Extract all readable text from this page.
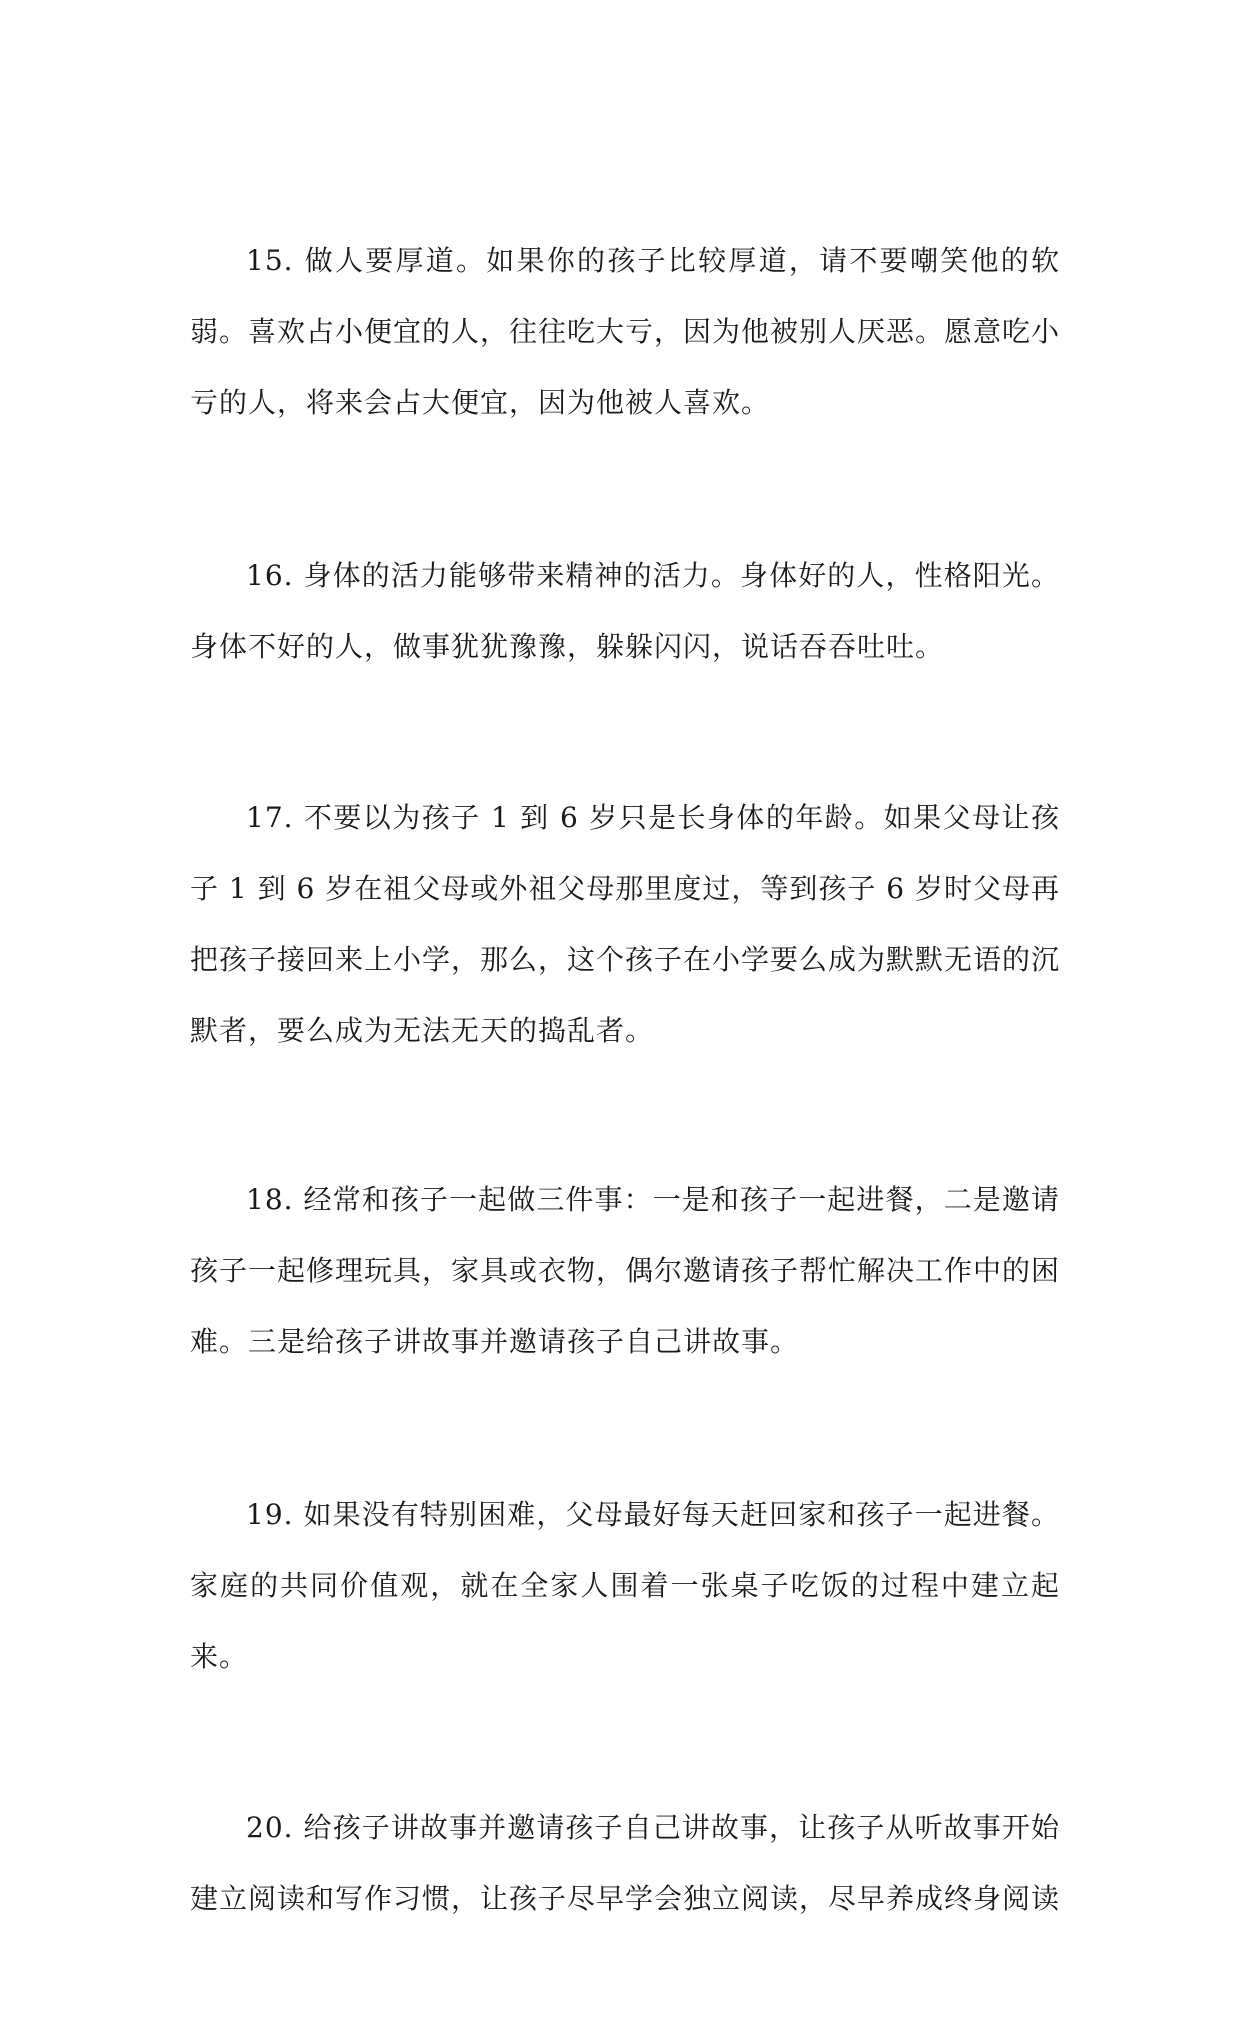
15. 做人要厚道。如果你的孩子比较厚道，请不要嘲笑他的软弱。喜欢占小便宜的人，往往吃大亏，因为他被别人厌恶。愿意吃小亏的人，将来会占大便宜，因为他被人喜欢。

16. 身体的活力能够带来精神的活力。身体好的人，性格阳光。身体不好的人，做事犹犹豫豫，躲躲闪闪，说话吞吞吐吐。

17. 不要以为孩子 1 到 6 岁只是长身体的年龄。如果父母让孩子 1 到 6 岁在祖父母或外祖父母那里度过，等到孩子 6 岁时父母再把孩子接回来上小学，那么，这个孩子在小学要么成为默默无语的沉默者，要么成为无法无天的捣乱者。

18. 经常和孩子一起做三件事：一是和孩子一起进餐，二是邀请孩子一起修理玩具，家具或衣物，偶尔邀请孩子帮忙解决工作中的困难。三是给孩子讲故事并邀请孩子自己讲故事。

19. 如果没有特别困难，父母最好每天赶回家和孩子一起进餐。家庭的共同价值观，就在全家人围着一张桌子吃饭的过程中建立起来。

20. 给孩子讲故事并邀请孩子自己讲故事，让孩子从听故事开始建立阅读和写作习惯，让孩子尽早学会独立阅读，尽早养成终身阅读
